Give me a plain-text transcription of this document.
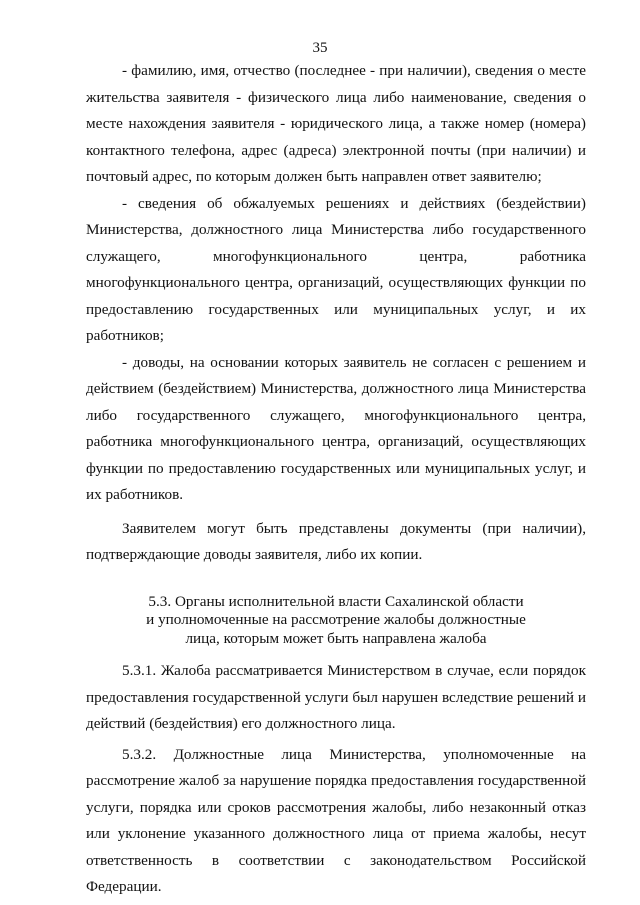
35

- фамилию, имя, отчество (последнее - при наличии), сведения о месте жительства заявителя - физического лица либо наименование, сведения о месте нахождения заявителя - юридического лица, а также номер (номера) контактного телефона, адрес (адреса) электронной почты (при наличии) и почтовый адрес, по которым должен быть направлен ответ заявителю;

- сведения об обжалуемых решениях и действиях (бездействии) Министерства, должностного лица Министерства либо государственного служащего, многофункционального центра, работника многофункционального центра, организаций, осуществляющих функции по предоставлению государственных или муниципальных услуг, и их работников;

- доводы, на основании которых заявитель не согласен с решением и действием (бездействием) Министерства, должностного лица Министерства либо государственного служащего, многофункционального центра, работника многофункционального центра, организаций, осуществляющих функции по предоставлению государственных или муниципальных услуг, и их работников.

Заявителем могут быть представлены документы (при наличии), подтверждающие доводы заявителя, либо их копии.

5.3. Органы исполнительной власти Сахалинской области
и уполномоченные на рассмотрение жалобы должностные
лица, которым может быть направлена жалоба

5.3.1. Жалоба рассматривается Министерством в случае, если порядок предоставления государственной услуги был нарушен вследствие решений и действий (бездействия) его должностного лица.

5.3.2. Должностные лица Министерства, уполномоченные на рассмотрение жалоб за нарушение порядка предоставления государственной услуги, порядка или сроков рассмотрения жалобы, либо незаконный отказ или уклонение указанного должностного лица от приема жалобы, несут ответственность в соответствии с законодательством Российской Федерации.
